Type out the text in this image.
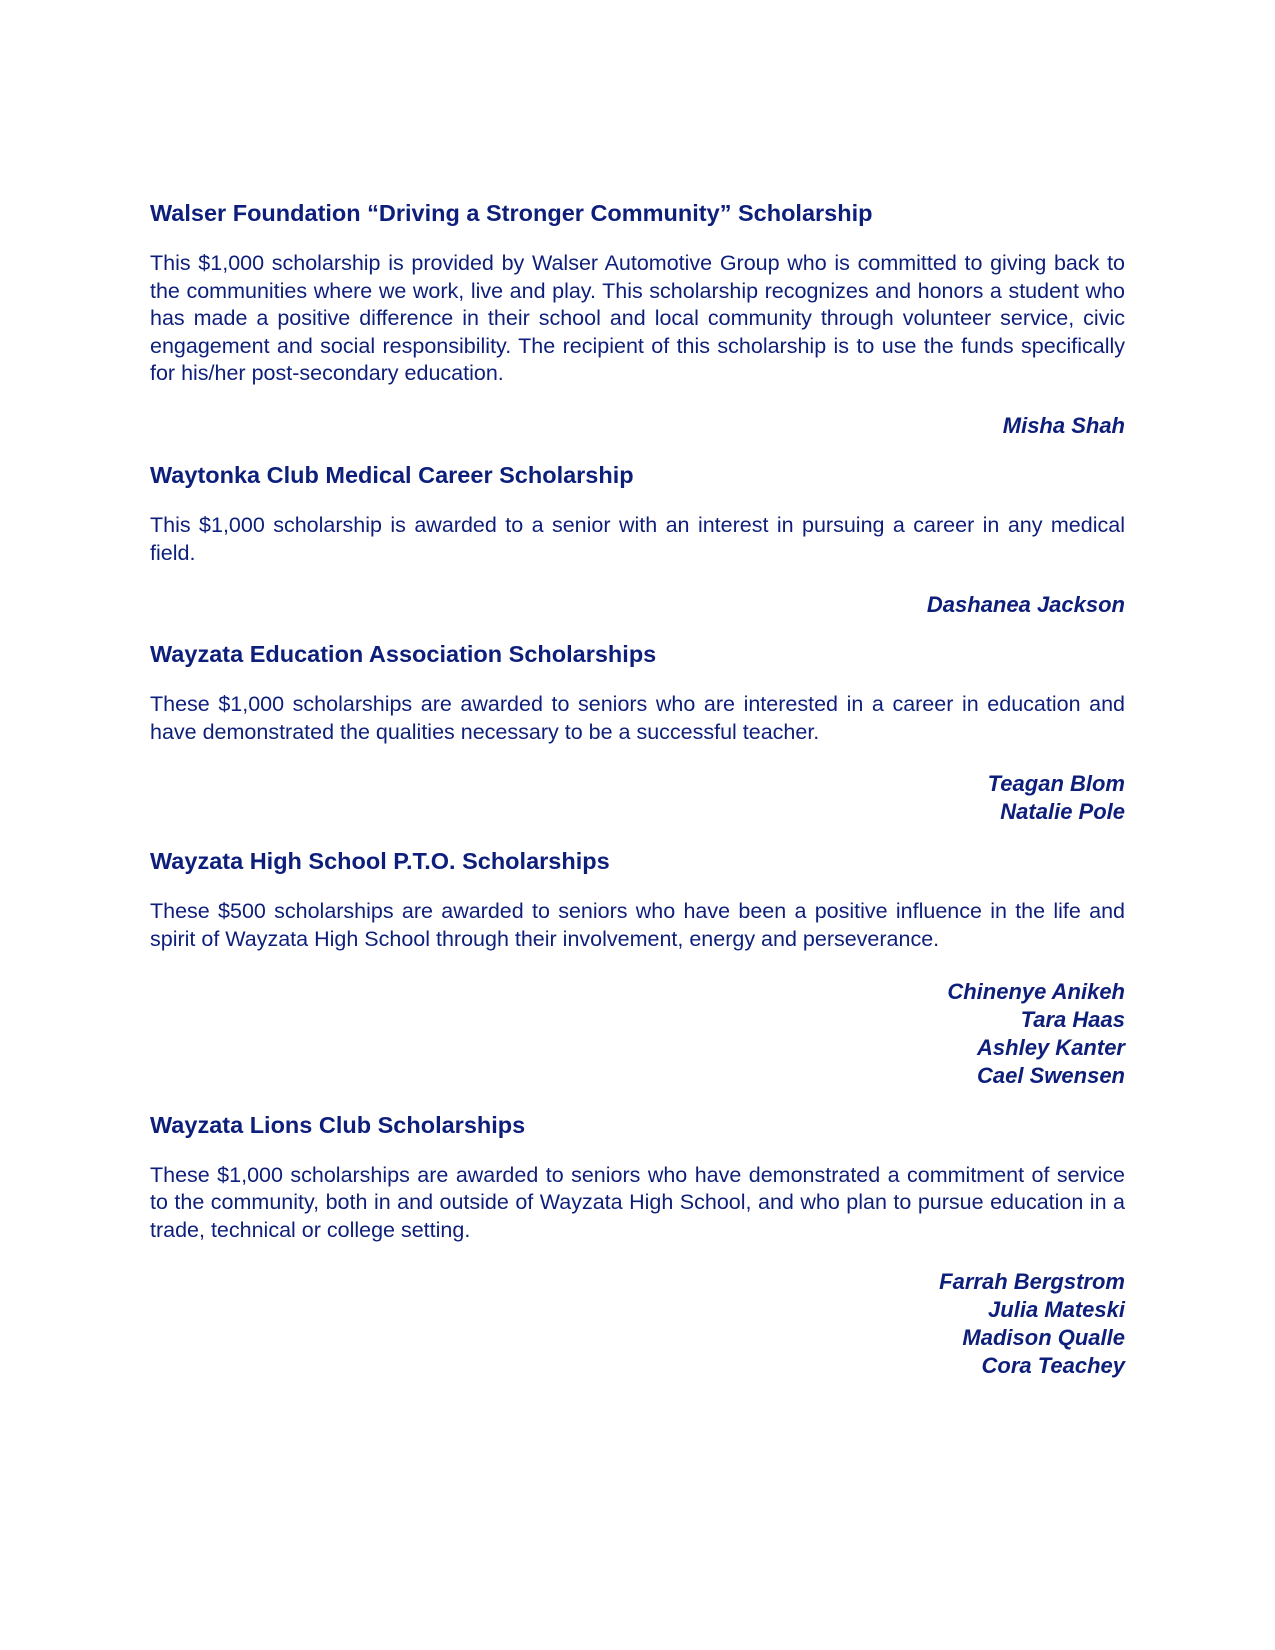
Walser Foundation “Driving a Stronger Community” Scholarship
This $1,000 scholarship is provided by Walser Automotive Group who is committed to giving back to the communities where we work, live and play. This scholarship recognizes and honors a student who has made a positive difference in their school and local community through volunteer service, civic engagement and social responsibility. The recipient of this scholarship is to use the funds specifically for his/her post-secondary education.
Misha Shah
Waytonka Club Medical Career Scholarship
This $1,000 scholarship is awarded to a senior with an interest in pursuing a career in any medical field.
Dashanea Jackson
Wayzata Education Association Scholarships
These $1,000 scholarships are awarded to seniors who are interested in a career in education and have demonstrated the qualities necessary to be a successful teacher.
Teagan Blom
Natalie Pole
Wayzata High School P.T.O. Scholarships
These $500 scholarships are awarded to seniors who have been a positive influence in the life and spirit of Wayzata High School through their involvement, energy and perseverance.
Chinenye Anikeh
Tara Haas
Ashley Kanter
Cael Swensen
Wayzata Lions Club Scholarships
These $1,000 scholarships are awarded to seniors who have demonstrated a commitment of service to the community, both in and outside of Wayzata High School, and who plan to pursue education in a trade, technical or college setting.
Farrah Bergstrom
Julia Mateski
Madison Qualle
Cora Teachey
